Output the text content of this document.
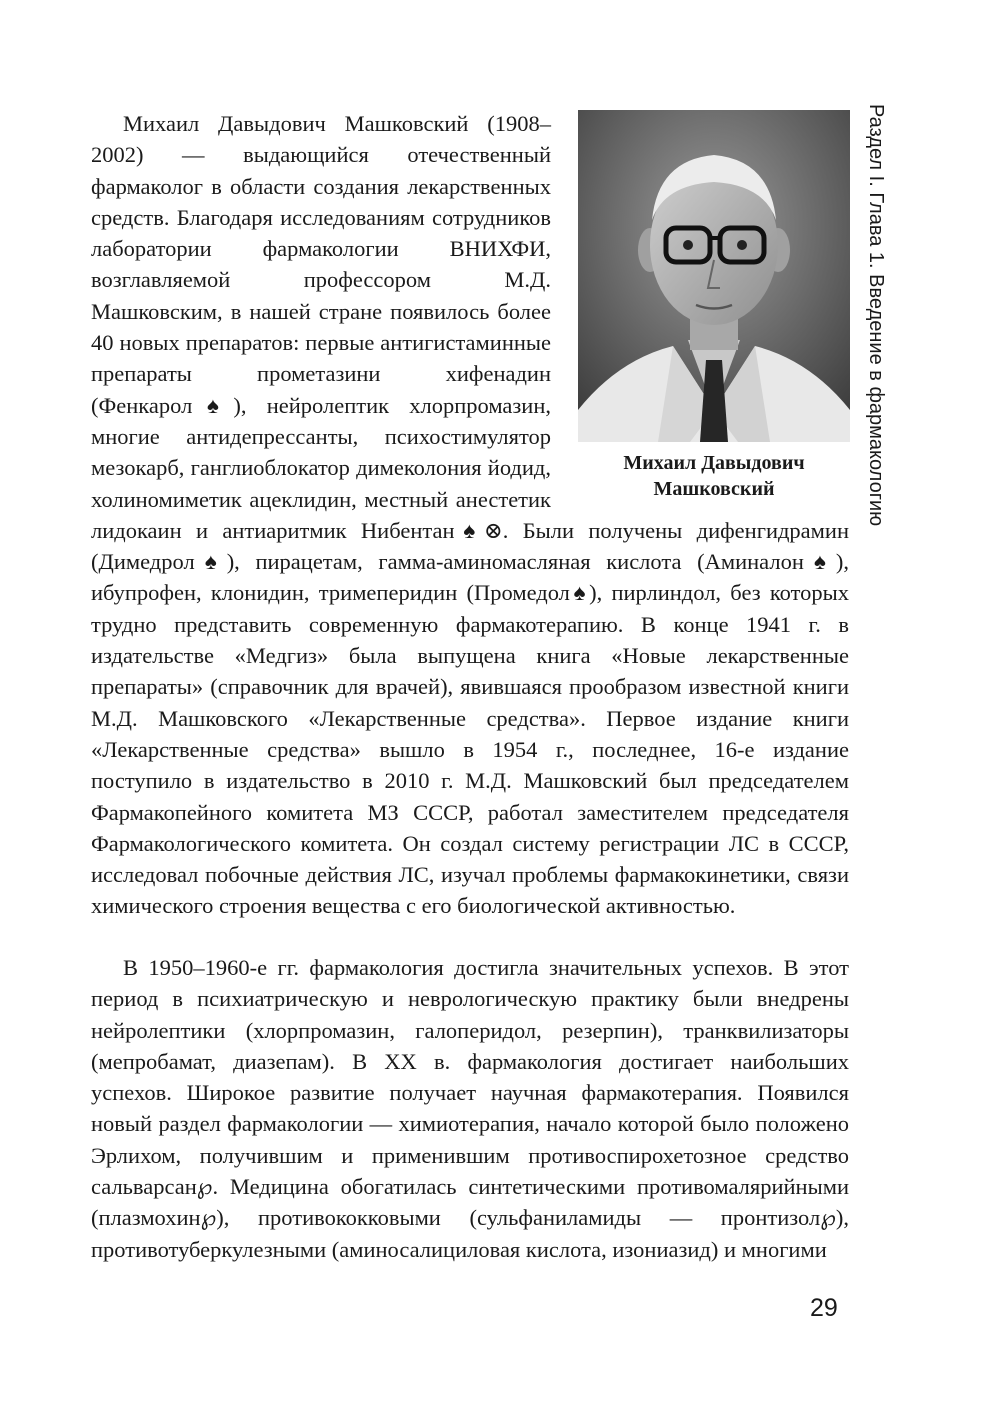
Раздел I. Глава 1. Введение в фармакологию
Михаил Давыдович
Машковский

Михаил Давыдович Машковский (1908–2002) — выдающийся отечественный фармаколог в области создания лекарственных средств. Благодаря исследованиям сотрудников лаборатории фармакологии ВНИХФИ, возглавляемой профессором М.Д. Машковским, в нашей стране появилось более 40 новых препаратов: первые антигистаминные препараты прометазини хифенадин (Фенкарол♠), нейролептик хлорпромазин, многие антидепрессанты, психостимулятор мезокарб, ганглиоблокатор димеколония йодид, холиномиметик ацеклидин, местный анестетик лидокаин и антиаритмик Нибентан♠⊗. Были получены дифенгидрамин (Димедрол♠), пирацетам, гамма-аминомасляная кислота (Аминалон♠), ибупрофен, клонидин, тримеперидин (Промедол♠), пирлиндол, без которых трудно представить современную фармакотерапию. В конце 1941 г. в издательстве «Медгиз» была выпущена книга «Новые лекарственные препараты» (справочник для врачей), явившаяся прообразом известной книги М.Д. Машковского «Лекарственные средства». Первое издание книги «Лекарственные средства» вышло в 1954 г., последнее, 16-е издание поступило в издательство в 2010 г. М.Д. Машковский был председателем Фармакопейного комитета МЗ СССР, работал заместителем председателя Фармакологического комитета. Он создал систему регистрации ЛС в СССР, исследовал побочные действия ЛС, изучал проблемы фармакокинетики, связи химического строения вещества с его биологической активностью.

В 1950–1960-е гг. фармакология достигла значительных успехов. В этот период в психиатрическую и неврологическую практику были внедрены нейролептики (хлорпромазин, галоперидол, резерпин), транквилизаторы (мепробамат, диазепам). В XX в. фармакология достигает наибольших успехов. Широкое развитие получает научная фармакотерапия. Появился новый раздел фармакологии — химиотерапия, начало которой было положено Эрлихом, получившим и применившим противоспирохетозное средство сальварсан℘. Медицина обогатилась синтетическими противомалярийными (плазмохин℘), противококковыми (сульфаниламиды — пронтизол℘), противотуберкулезными (аминосалициловая кислота, изониазид) и многими

29
